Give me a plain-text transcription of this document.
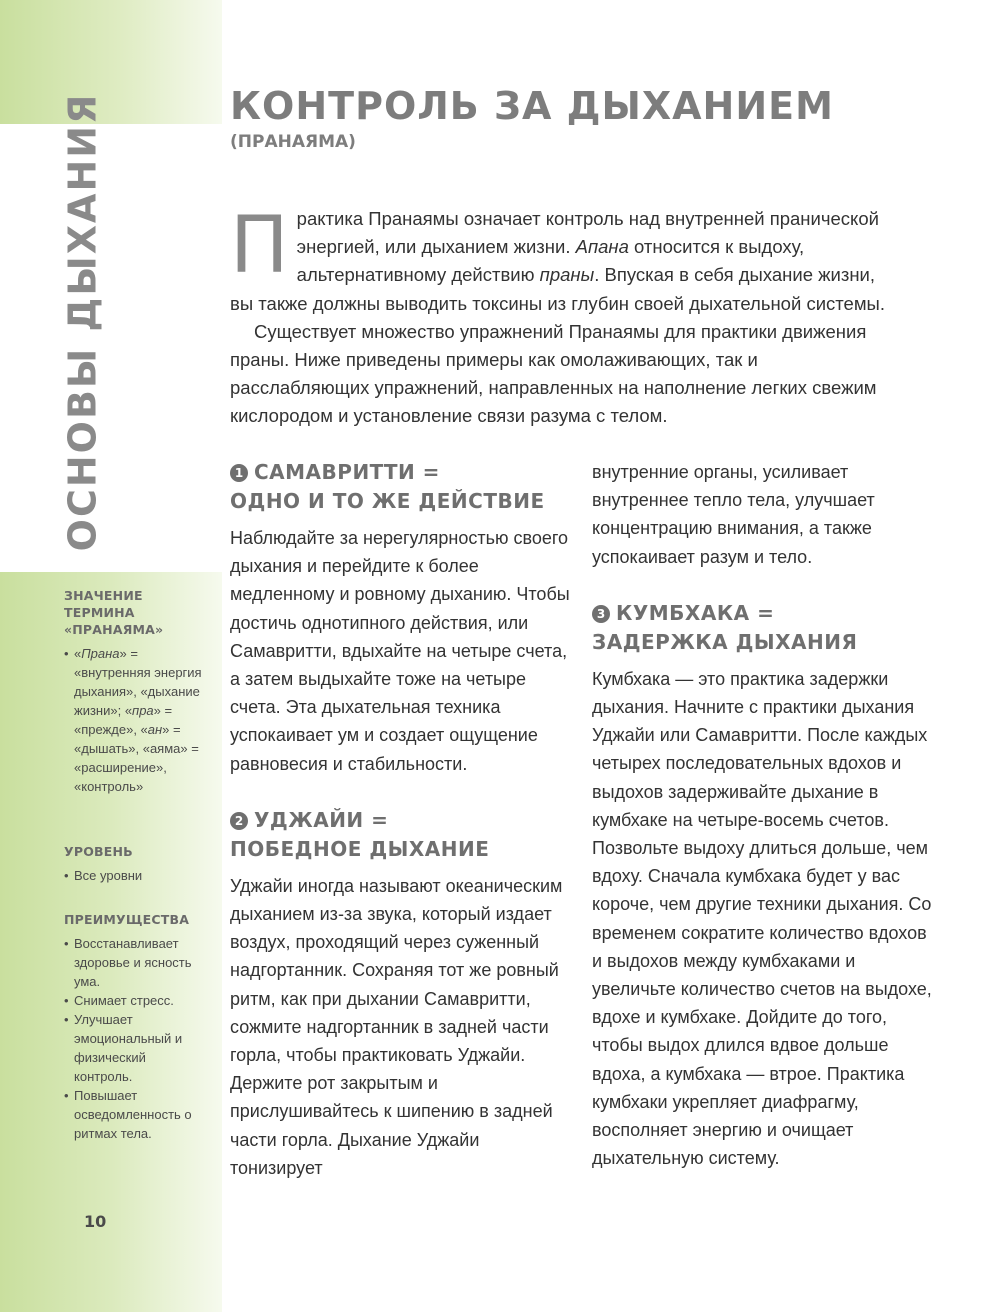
ОСНОВЫ ДЫХАНИЯ
ЗНАЧЕНИЕ
ТЕРМИНА
«ПРАНАЯМА»
• «Прана» = «внутренняя энергия дыхания», «дыхание жизни»; «пра» = «прежде», «ан» = «дышать», «аяма» = «расширение», «контроль»
УРОВЕНЬ
• Все уровни
ПРЕИМУЩЕСТВА
• Восстанавливает здоровье и ясность ума.
• Снимает стресс.
• Улучшает эмоциональный и физический контроль.
• Повышает осведомленность о ритмах тела.
10
КОНТРОЛЬ ЗА ДЫХАНИЕМ
(ПРАНАЯМА)

Практика Пранаямы означает контроль над внутренней пранической энергией, или дыханием жизни. Апана относится к выдоху, альтернативному действию праны. Впуская в себя дыхание жизни, вы также должны выводить токсины из глубин своей дыхательной системы.

Существует множество упражнений Пранаямы для практики движения праны. Ниже приведены примеры как омолаживающих, так и расслабляющих упражнений, направленных на наполнение легких свежим кислородом и установление связи разума с телом.

1 САМАВРИТТИ =
ОДНО И ТО ЖЕ ДЕЙСТВИЕ

Наблюдайте за нерегулярностью своего дыхания и перейдите к более медленному и ровному дыханию. Чтобы достичь однотипного действия, или Самавритти, вдыхайте на четыре счета, а затем выдыхайте тоже на четыре счета. Эта дыхательная техника успокаивает ум и создает ощущение равновесия и стабильности.

2 УДЖАЙИ =
ПОБЕДНОЕ ДЫХАНИЕ

Уджайи иногда называют океаническим дыханием из-за звука, который издает воздух, проходящий через суженный надгортанник. Сохраняя тот же ровный ритм, как при дыхании Самавритти, сожмите надгортанник в задней части горла, чтобы практиковать Уджайи. Держите рот закрытым и прислушивайтесь к шипению в задней части горла. Дыхание Уджайи тонизирует

внутренние органы, усиливает внутреннее тепло тела, улучшает концентрацию внимания, а также успокаивает разум и тело.

3 КУМБХАКА =
ЗАДЕРЖКА ДЫХАНИЯ

Кумбхака — это практика задержки дыхания. Начните с практики дыхания Уджайи или Самавритти. После каждых четырех последовательных вдохов и выдохов задерживайте дыхание в кумбхаке на четыре-восемь счетов. Позвольте выдоху длиться дольше, чем вдоху. Сначала кумбхака будет у вас короче, чем другие техники дыхания. Со временем сократите количество вдохов и выдохов между кумбхаками и увеличьте количество счетов на выдохе, вдохе и кумбхаке. Дойдите до того, чтобы выдох длился вдвое дольше вдоха, а кумбхака — втрое. Практика кумбхаки укрепляет диафрагму, восполняет энергию и очищает дыхательную систему.
